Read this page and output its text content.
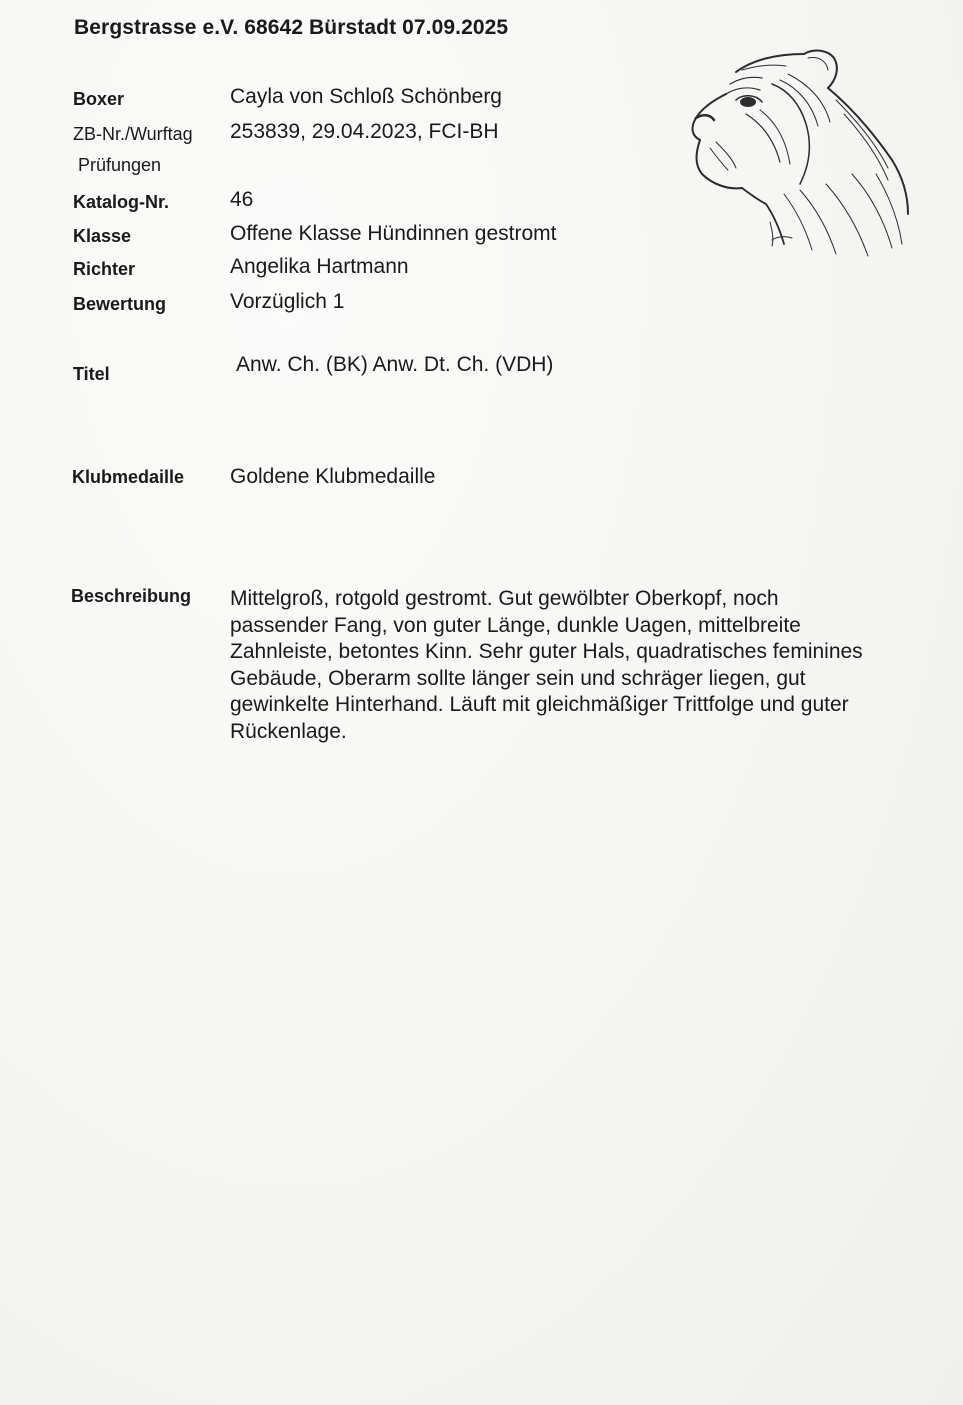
Bergstrasse e.V. 68642 Bürstadt 07.09.2025
Boxer	Cayla von Schloß Schönberg
ZB-Nr./Wurftag 253839, 29.04.2023, FCI-BH
Prüfungen
Katalog-Nr.	46
Klasse	Offene Klasse Hündinnen gestromt
Richter	Angelika Hartmann
Bewertung	Vorzüglich 1
Titel	Anw. Ch. (BK) Anw. Dt. Ch. (VDH)
Klubmedaille Goldene Klubmedaille
Beschreibung Mittelgroß, rotgold gestromt. Gut gewölbter Oberkopf, noch passender Fang, von guter Länge, dunkle Uagen, mittelbreite Zahnleiste, betontes Kinn. Sehr guter Hals, quadratisches feminines Gebäude, Oberarm sollte länger sein und schräger liegen, gut gewinkelte Hinterhand. Läuft mit gleichmäßiger Trittfolge und guter Rückenlage.
